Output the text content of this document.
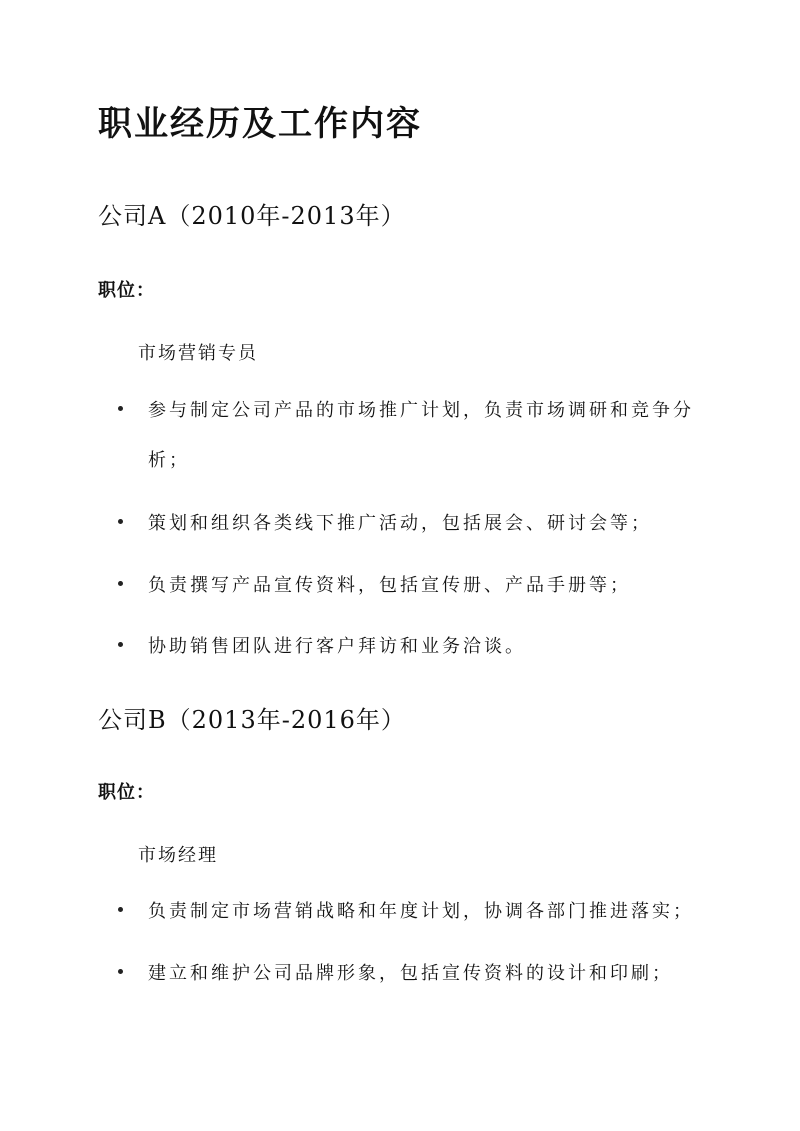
职业经历及工作内容
公司A（2010年-2013年）
职位：
市场营销专员
参与制定公司产品的市场推广计划，负责市场调研和竞争分析；
策划和组织各类线下推广活动，包括展会、研讨会等；
负责撰写产品宣传资料，包括宣传册、产品手册等；
协助销售团队进行客户拜访和业务洽谈。
公司B（2013年-2016年）
职位：
市场经理
负责制定市场营销战略和年度计划，协调各部门推进落实；
建立和维护公司品牌形象，包括宣传资料的设计和印刷；
